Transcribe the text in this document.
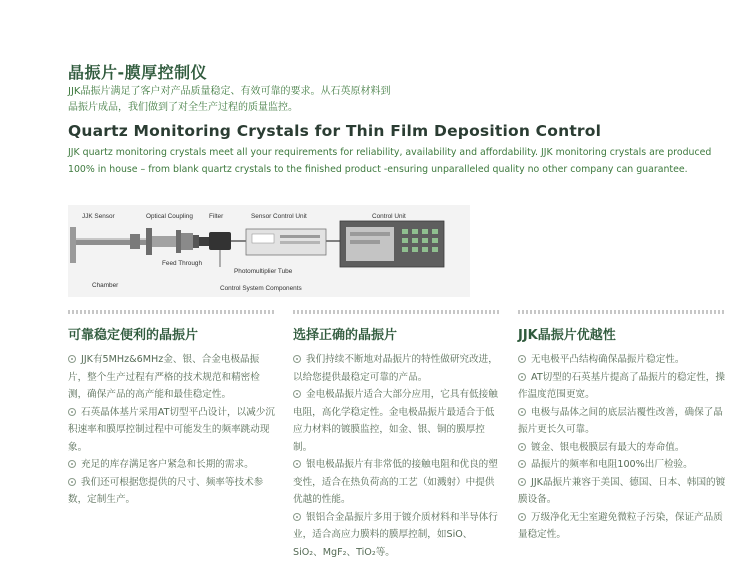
晶振片-膜厚控制仪
JJK晶振片满足了客户对产品质量稳定、有效可靠的要求。从石英原材料到
晶振片成品，我们做到了对全生产过程的质量监控。
Quartz Monitoring Crystals for Thin Film Deposition Control
JJK quartz monitoring crystals meet all your requirements for reliability, availability and affordability. JJK monitoring crystals are produced 100% in house – from blank quartz crystals to the finished product -ensuring unparalleled quality no other company can guarantee.
JJK Sensor	Optical Coupling	Filter	Sensor Control Unit	Control Unit
Feed Through
Photomultiplier Tube
Chamber	Control System Components
可靠稳定便利的晶振片
JJK有5MHz&6MHz金、银、合金电极晶振片，整个生产过程有严格的技术规范和精密检测，确保产品的高产能和最佳稳定性。
石英晶体基片采用AT切型平凸设计，以减少沉积速率和膜厚控制过程中可能发生的频率跳动现象。
充足的库存满足客户紧急和长期的需求。
我们还可根据您提供的尺寸、频率等技术参数，定制生产。
选择正确的晶振片
我们持续不断地对晶振片的特性做研究改进，以给您提供最稳定可靠的产品。
金电极晶振片适合大部分应用，它具有低接触电阻，高化学稳定性。金电极晶振片最适合于低应力材料的镀膜监控，如金、银、铜的膜厚控制。
银电极晶振片有非常低的接触电阻和优良的塑变性，适合在热负荷高的工艺（如溅射）中提供优越的性能。
银铝合金晶振片多用于镀介质材料和半导体行业，适合高应力膜料的膜厚控制，如SiO、SiO₂、MgF₂、TiO₂等。
JJK晶振片优越性
无电极平凸结构确保晶振片稳定性。
AT切型的石英基片提高了晶振片的稳定性，操作温度范围更宽。
电极与晶体之间的底层沾覆性改善，确保了晶振片更长久可靠。
镀金、银电极膜层有最大的寿命值。
晶振片的频率和电阻100%出厂检验。
JJK晶振片兼容于美国、德国、日本、韩国的镀膜设备。
万级净化无尘室避免微粒子污染，保证产品质量稳定性。
